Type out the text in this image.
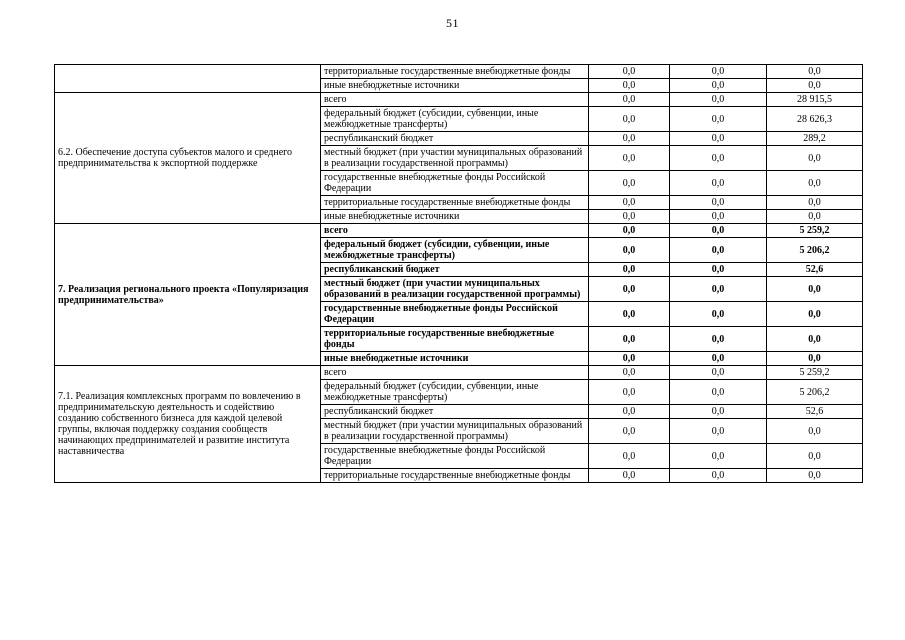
51
	территориальные государственные внебюджетные фонды	0,0	0,0	0,0
	иные внебюджетные источники	0,0	0,0	0,0
6.2. Обеспечение доступа субъектов малого и среднего предпринимательства к экспортной поддержке	всего	0,0	0,0	28 915,5
	федеральный бюджет (субсидии, субвенции, иные межбюджетные трансферты)	0,0	0,0	28 626,3
	республиканский бюджет	0,0	0,0	289,2
	местный бюджет (при участии муниципальных образований в реализации государственной программы)	0,0	0,0	0,0
	государственные внебюджетные фонды Российской Федерации	0,0	0,0	0,0
	территориальные государственные внебюджетные фонды	0,0	0,0	0,0
	иные внебюджетные источники	0,0	0,0	0,0
7. Реализация регионального проекта «Популяризация предпринимательства»	всего	0,0	0,0	5 259,2
	федеральный бюджет (субсидии, субвенции, иные межбюджетные трансферты)	0,0	0,0	5 206,2
	республиканский бюджет	0,0	0,0	52,6
	местный бюджет (при участии муниципальных образований в реализации государственной программы)	0,0	0,0	0,0
	государственные внебюджетные фонды Российской Федерации	0,0	0,0	0,0
	территориальные государственные внебюджетные фонды	0,0	0,0	0,0
	иные внебюджетные источники	0,0	0,0	0,0
7.1. Реализация комплексных программ по вовлечению в предпринимательскую деятельность и содействию созданию собственного бизнеса для каждой целевой группы, включая поддержку создания сообществ начинающих предпринимателей и развитие института наставничества	всего	0,0	0,0	5 259,2
	федеральный бюджет (субсидии, субвенции, иные межбюджетные трансферты)	0,0	0,0	5 206,2
	республиканский бюджет	0,0	0,0	52,6
	местный бюджет (при участии муниципальных образований в реализации государственной программы)	0,0	0,0	0,0
	государственные внебюджетные фонды Российской Федерации	0,0	0,0	0,0
	территориальные государственные внебюджетные фонды	0,0	0,0	0,0
